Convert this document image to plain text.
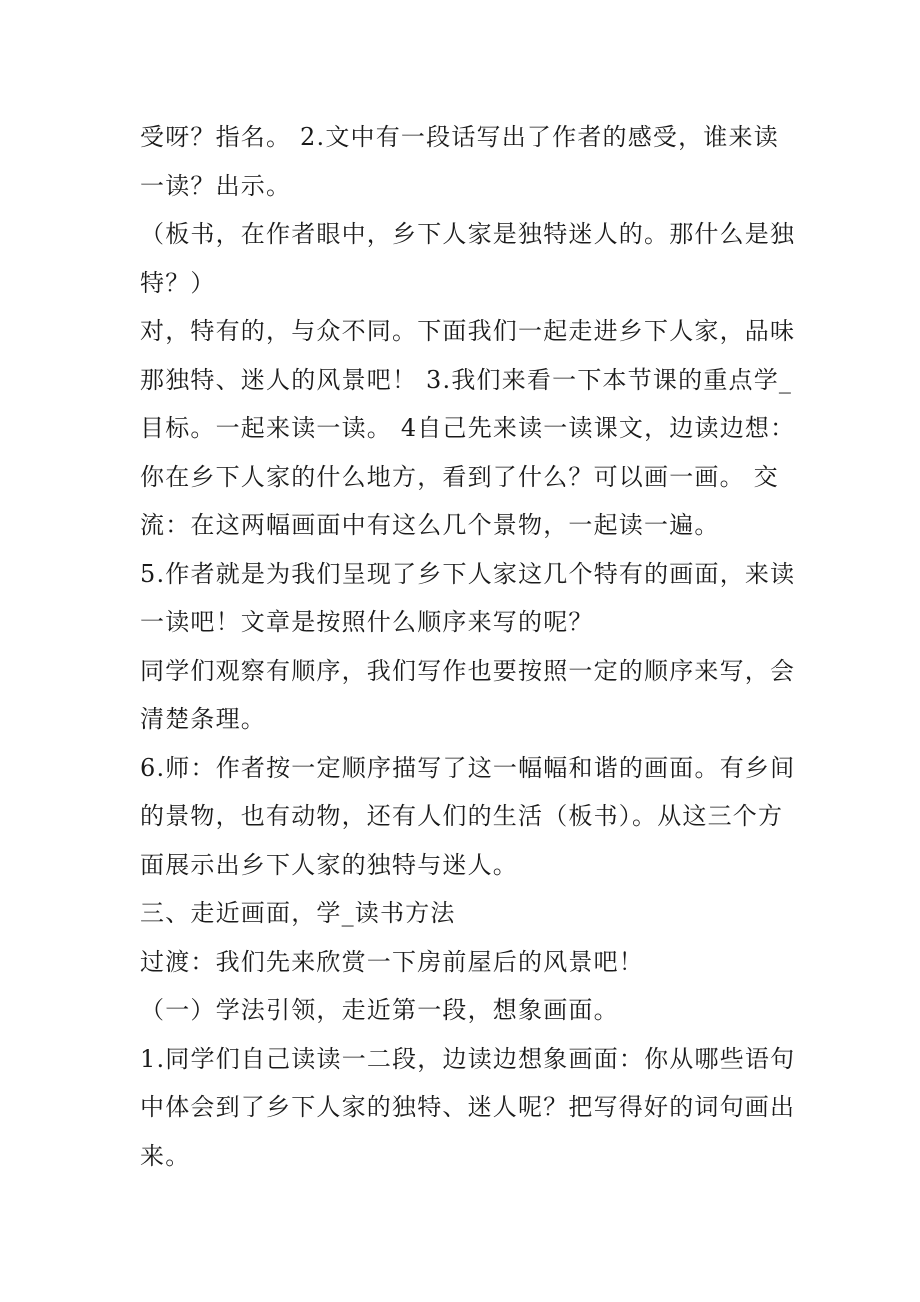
受呀？指名。 2.文中有一段话写出了作者的感受，谁来读
一读？出示。
（板书，在作者眼中，乡下人家是独特迷人的。那什么是独
特？）
对，特有的，与众不同。下面我们一起走进乡下人家，品味
那独特、迷人的风景吧！ 3.我们来看一下本节课的重点学_
目标。一起来读一读。 4自己先来读一读课文，边读边想：
你在乡下人家的什么地方，看到了什么？可以画一画。 交
流：在这两幅画面中有这么几个景物，一起读一遍。
5.作者就是为我们呈现了乡下人家这几个特有的画面，来读
一读吧！文章是按照什么顺序来写的呢？
同学们观察有顺序，我们写作也要按照一定的顺序来写，会
清楚条理。
6.师：作者按一定顺序描写了这一幅幅和谐的画面。有乡间
的景物，也有动物，还有人们的生活（板书）。从这三个方
面展示出乡下人家的独特与迷人。
三、走近画面，学_读书方法
过渡：我们先来欣赏一下房前屋后的风景吧！
（一）学法引领，走近第一段，想象画面。
1.同学们自己读读一二段，边读边想象画面：你从哪些语句
中体会到了乡下人家的独特、迷人呢？把写得好的词句画出
来。
